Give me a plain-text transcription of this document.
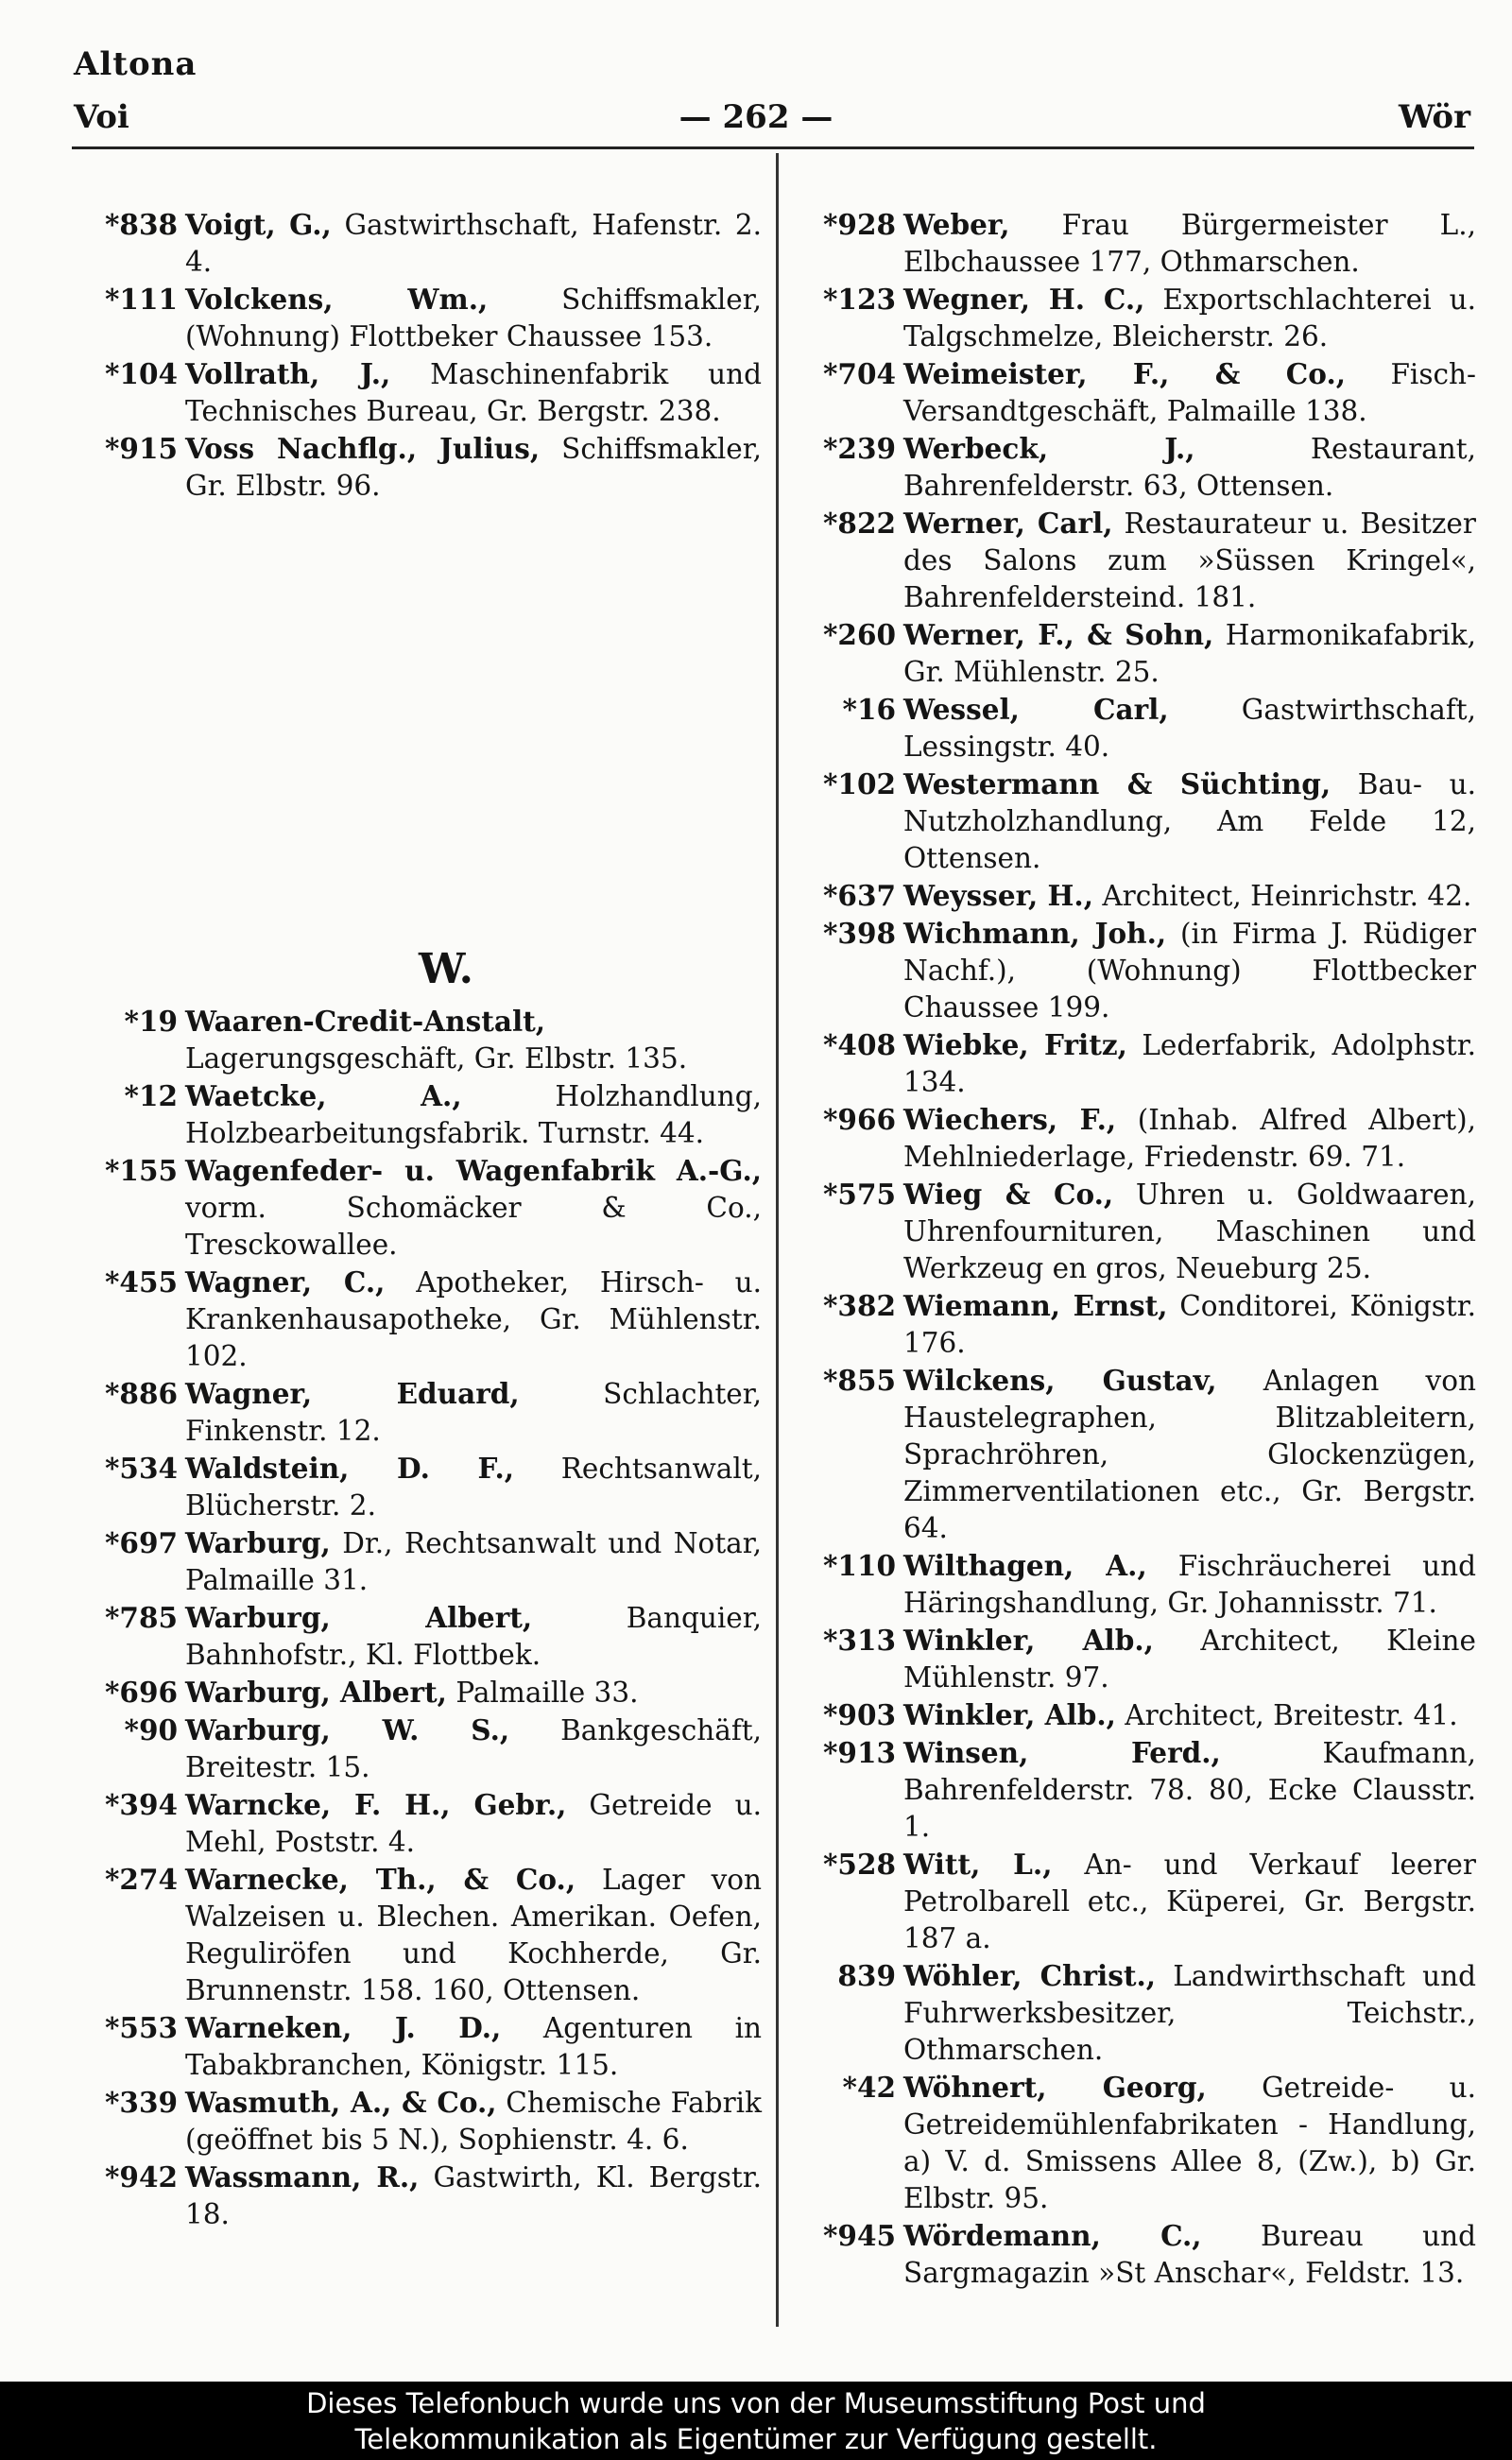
Altona
Voi	— 262 —	Wör
*838 Voigt, G., Gastwirthschaft, Hafenstr. 2. 4.
*111 Volckens, Wm., Schiffsmakler, (Wohnung) Flottbeker Chaussee 153.
*104 Vollrath, J., Maschinenfabrik und Technisches Bureau, Gr. Bergstr. 238.
*915 Voss Nachflg., Julius, Schiffsmakler, Gr. Elbstr. 96.
W.
*19 Waaren-Credit-Anstalt, Lagerungsgeschäft, Gr. Elbstr. 135.
*12 Waetcke, A., Holzhandlung, Holzbearbeitungsfabrik. Turnstr. 44.
*155 Wagenfeder- u. Wagenfabrik A.-G., vorm. Schomäcker & Co., Tresckowallee.
*455 Wagner, C., Apotheker, Hirsch- u. Krankenhausapotheke, Gr. Mühlenstr. 102.
*886 Wagner, Eduard, Schlachter, Finkenstr. 12.
*534 Waldstein, D. F., Rechtsanwalt, Blücherstr. 2.
*697 Warburg, Dr., Rechtsanwalt und Notar, Palmaille 31.
*785 Warburg, Albert, Banquier, Bahnhofstr., Kl. Flottbek.
*696 Warburg, Albert, Palmaille 33.
*90 Warburg, W. S., Bankgeschäft, Breitestr. 15.
*394 Warncke, F. H., Gebr., Getreide u. Mehl, Poststr. 4.
*274 Warnecke, Th., & Co., Lager von Walzeisen u. Blechen. Amerikan. Oefen, Reguliröfen und Kochherde, Gr. Brunnenstr. 158. 160, Ottensen.
*553 Warneken, J. D., Agenturen in Tabakbranchen, Königstr. 115.
*339 Wasmuth, A., & Co., Chemische Fabrik (geöffnet bis 5 N.), Sophienstr. 4. 6.
*942 Wassmann, R., Gastwirth, Kl. Bergstr. 18.
*928 Weber, Frau Bürgermeister L., Elbchaussee 177, Othmarschen.
*123 Wegner, H. C., Exportschlachterei u. Talgschmelze, Bleicherstr. 26.
*704 Weimeister, F., & Co., Fisch-Versandtgeschäft, Palmaille 138.
*239 Werbeck, J., Restaurant, Bahrenfelderstr. 63, Ottensen.
*822 Werner, Carl, Restaurateur u. Besitzer des Salons zum »Süssen Kringel«, Bahrenfeldersteind. 181.
*260 Werner, F., & Sohn, Harmonikafabrik, Gr. Mühlenstr. 25.
*16 Wessel, Carl, Gastwirthschaft, Lessingstr. 40.
*102 Westermann & Süchting, Bau- u. Nutzholzhandlung, Am Felde 12, Ottensen.
*637 Weysser, H., Architect, Heinrichstr. 42.
*398 Wichmann, Joh., (in Firma J. Rüdiger Nachf.), (Wohnung) Flottbecker Chaussee 199.
*408 Wiebke, Fritz, Lederfabrik, Adolphstr. 134.
*966 Wiechers, F., (Inhab. Alfred Albert), Mehlniederlage, Friedenstr. 69. 71.
*575 Wieg & Co., Uhren u. Goldwaaren, Uhrenfournituren, Maschinen und Werkzeug en gros, Neueburg 25.
*382 Wiemann, Ernst, Conditorei, Königstr. 176.
*855 Wilckens, Gustav, Anlagen von Haustelegraphen, Blitzableitern, Sprachröhren, Glockenzügen, Zimmerventilationen etc., Gr. Bergstr. 64.
*110 Wilthagen, A., Fischräucherei und Häringshandlung, Gr. Johannisstr. 71.
*313 Winkler, Alb., Architect, Kleine Mühlenstr. 97.
*903 Winkler, Alb., Architect, Breitestr. 41.
*913 Winsen, Ferd., Kaufmann, Bahrenfelderstr. 78. 80, Ecke Clausstr. 1.
*528 Witt, L., An- und Verkauf leerer Petrolbarell etc., Küperei, Gr. Bergstr. 187 a.
839 Wöhler, Christ., Landwirthschaft und Fuhrwerksbesitzer, Teichstr., Othmarschen.
*42 Wöhnert, Georg, Getreide- u. Getreidemühlenfabrikaten - Handlung, a) V. d. Smissens Allee 8, (Zw.), b) Gr. Elbstr. 95.
*945 Wördemann, C., Bureau und Sargmagazin »St Anschar«, Feldstr. 13.
Dieses Telefonbuch wurde uns von der Museumsstiftung Post und
Telekommunikation als Eigentümer zur Verfügung gestellt.
